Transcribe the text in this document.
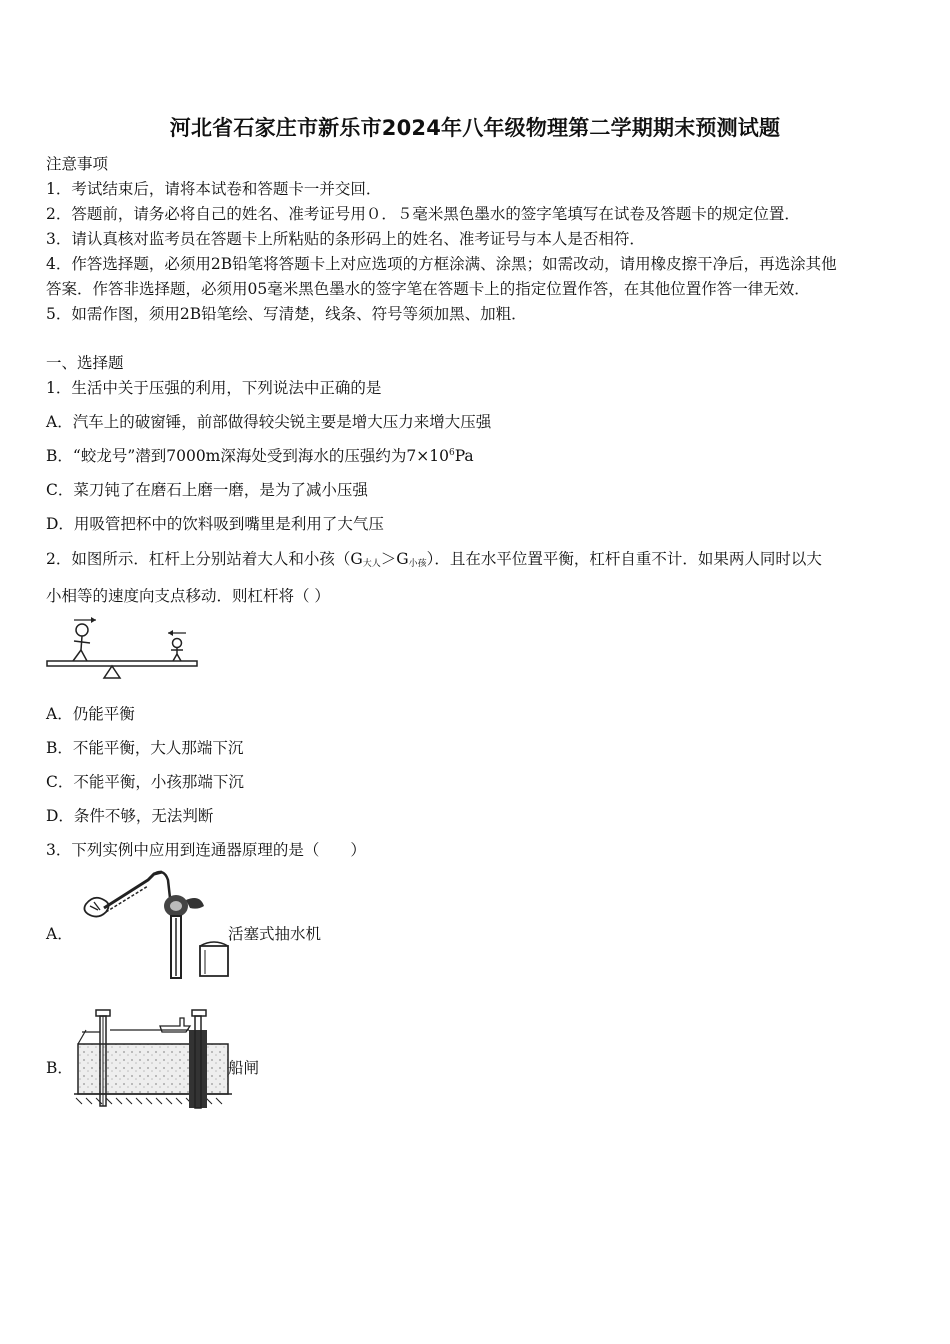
河北省石家庄市新乐市2024年八年级物理第二学期期末预测试题
注意事项
1．考试结束后，请将本试卷和答题卡一并交回．
2．答题前，请务必将自己的姓名、准考证号用０．５毫米黑色墨水的签字笔填写在试卷及答题卡的规定位置．
3．请认真核对监考员在答题卡上所粘贴的条形码上的姓名、准考证号与本人是否相符．
4．作答选择题，必须用2B铅笔将答题卡上对应选项的方框涂满、涂黑；如需改动，请用橡皮擦干净后，再选涂其他
答案．作答非选择题，必须用05毫米黑色墨水的签字笔在答题卡上的指定位置作答，在其他位置作答一律无效．
5．如需作图，须用2B铅笔绘、写清楚，线条、符号等须加黑、加粗．
一、选择题
1．生活中关于压强的利用，下列说法中正确的是
A．汽车上的破窗锤，前部做得较尖锐主要是增大压力来增大压强
B．“蛟龙号”潜到7000m深海处受到海水的压强约为$7\times 10^6Pa$
C．菜刀钝了在磨石上磨一磨，是为了减小压强
D．用吸管把杯中的饮料吸到嘴里是利用了大气压
2．如图所示．杠杆上分别站着大人和小孩（G大人＞G小孩）．且在水平位置平衡，杠杆自重不计．如果两人同时以大
小相等的速度向支点移动．则杠杆将（ ）
A．仍能平衡
B．不能平衡，大人那端下沉
C．不能平衡，小孩那端下沉
D．条件不够，无法判断
3．下列实例中应用到连通器原理的是（　　）
A．	活塞式抽水机
B．	船闸
